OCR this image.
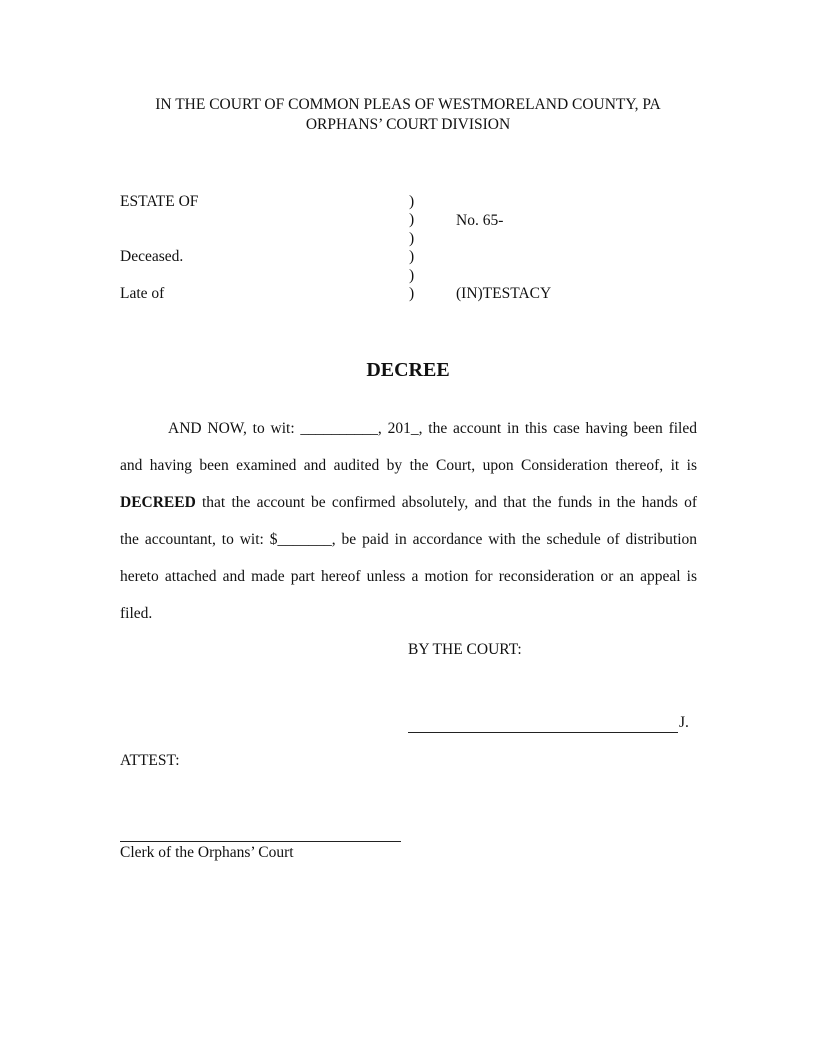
IN THE COURT OF COMMON PLEAS OF WESTMORELAND COUNTY, PA
ORPHANS’ COURT DIVISION
ESTATE OF
Deceased.
Late of
)
)
)
)
)
)
No. 65-
(IN)TESTACY
DECREE
AND NOW, to wit: __________, 201_, the account in this case having been filed
and having been examined and audited by the Court, upon Consideration thereof, it is
DECREED that the account be confirmed absolutely, and that the funds in the hands of
the accountant, to wit: $_______, be paid in accordance with the schedule of distribution
hereto attached and made part hereof unless a motion for reconsideration or an appeal is
filed.
BY THE COURT:
J.
ATTEST:
Clerk of the Orphans’ Court
